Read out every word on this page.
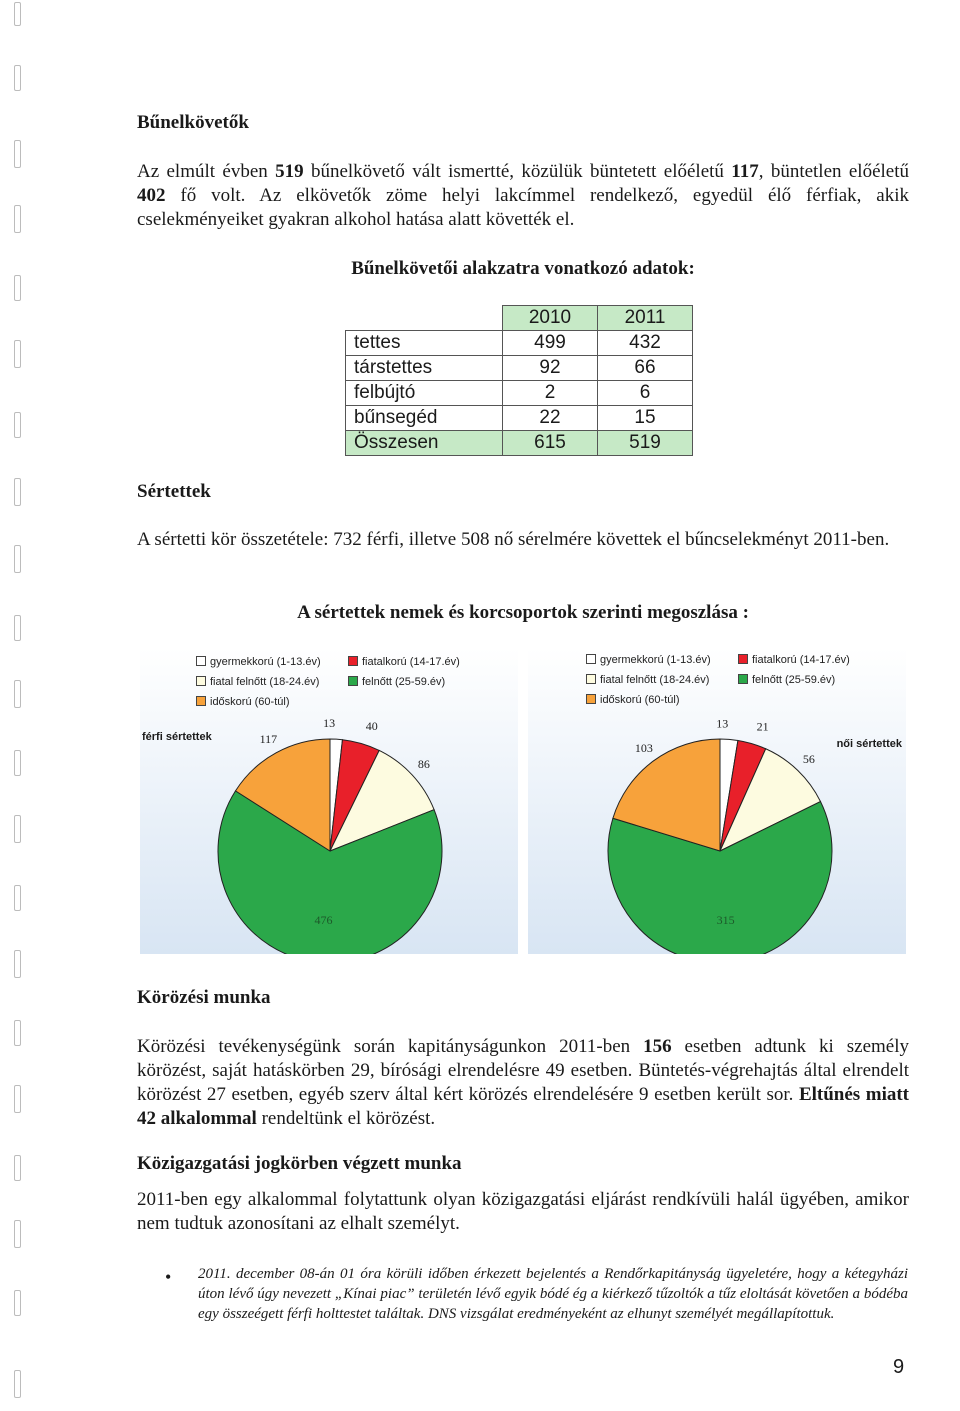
Bűnelkövetők
Az elmúlt évben 519 bűnelkövető vált ismertté, közülük büntetett előéletű 117, büntetlen előéletű 402 fő volt. Az elkövetők zöme helyi lakcímmel rendelkező, egyedül élő férfiak, akik cselekményeiket gyakran alkohol hatása alatt követték el.
Bűnelkövetői alakzatra vonatkozó adatok:
	2010	2011
tettes	499	432
társtettes	92	66
felbújtó	2	6
bűnsegéd	22	15
Összesen	615	519
Sértettek
A sértetti kör összetétele: 732 férfi, illetve 508 nő sérelmére követtek el bűncselekményt 2011-ben.
A sértettek nemek és korcsoportok szerinti megoszlása :
gyermekkorú (1-13.év)	fiatalkorú (14-17.év)
fiatal felnőtt (18-24.év)	felnőtt (25-59.év)
időskorú (60-túl)
férfi sértettek
13	40
86
476
117
gyermekkorú (1-13.év)	fiatalkorú (14-17.év)
fiatal felnőtt (18-24.év)	felnőtt (25-59.év)
időskorú (60-túl)
női sértettek
13 21
56
315
103
Körözési munka
Körözési tevékenységünk során kapitányságunkon 2011-ben 156 esetben adtunk ki személy körözést, saját hatáskörben 29, bírósági elrendelésre 49 esetben. Büntetés-végrehajtás által elrendelt körözést 27 esetben, egyéb szerv által kért körözés elrendelésére 9 esetben került sor. Eltűnés miatt 42 alkalommal rendeltünk el körözést.
Közigazgatási jogkörben végzett munka
2011-ben egy alkalommal folytattunk olyan közigazgatási eljárást rendkívüli halál ügyében, amikor nem tudtuk azonosítani az elhalt személyt.
• 2011. december 08-án 01 óra körüli időben érkezett bejelentés a Rendőrkapitányság ügyeletére, hogy a kétegyházi úton lévő úgy nevezett „Kínai piac” területén lévő egyik bódé ég a kiérkező tűzoltók a tűz eloltását követően a bódéba egy összeégett férfi holttestet találtak. DNS vizsgálat eredményeként az elhunyt személyét megállapítottuk.
9
